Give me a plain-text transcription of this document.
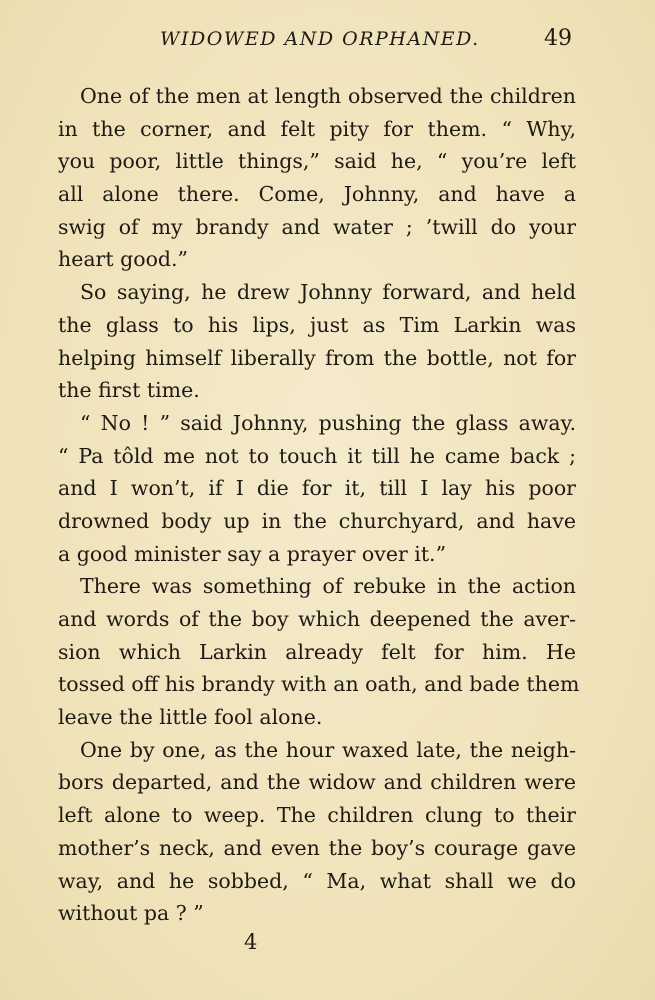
WIDOWED AND ORPHANED.	49
One of the men at length observed the children
in the corner, and felt pity for them. “ Why,
you poor, little things,” said he, “ you’re left
all alone there. Come, Johnny, and have a
swig of my brandy and water ; ’twill do your
heart good.”
So saying, he drew Johnny forward, and held
the glass to his lips, just as Tim Larkin was
helping himself liberally from the bottle, not for
the first time.
“ No ! ” said Johnny, pushing the glass away.
“ Pa tôld me not to touch it till he came back ;
and I won’t, if I die for it, till I lay his poor
drowned body up in the churchyard, and have
a good minister say a prayer over it.”
There was something of rebuke in the action
and words of the boy which deepened the aver-
sion which Larkin already felt for him. He
tossed off his brandy with an oath, and bade them
leave the little fool alone.
One by one, as the hour waxed late, the neigh-
bors departed, and the widow and children were
left alone to weep. The children clung to their
mother’s neck, and even the boy’s courage gave
way, and he sobbed, “ Ma, what shall we do
without pa ? ”
4
